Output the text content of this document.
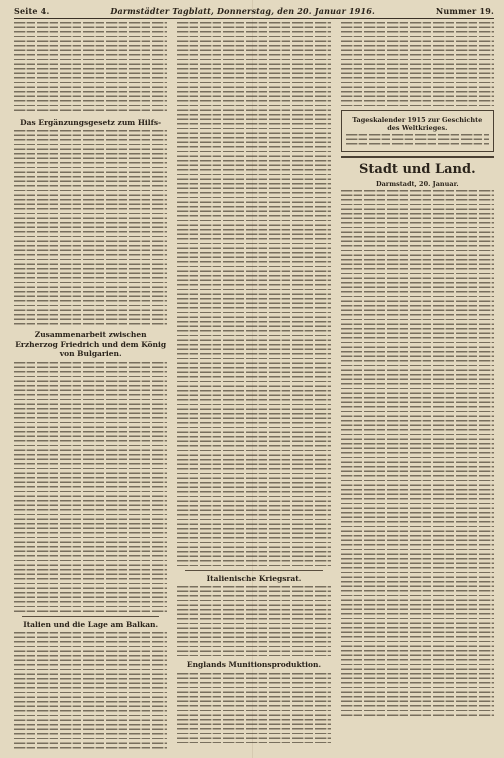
Seite 4.	Darmstädter Tagblatt, Donnerstag, den 20. Januar 1916.	Nummer 19.
Das Ergänzungsgesetz zum Hilfs-
Zusammenarbeit zwischen Erzherzog Friedrich und dem König von Bulgarien.
Italien und die Lage am Balkan.
Italienische Kriegsrat.
Englands Munitionsproduktion.
Tageskalender 1915 zur Geschichte des Weltkrieges.
Stadt und Land.
Darmstadt, 20. Januar.
